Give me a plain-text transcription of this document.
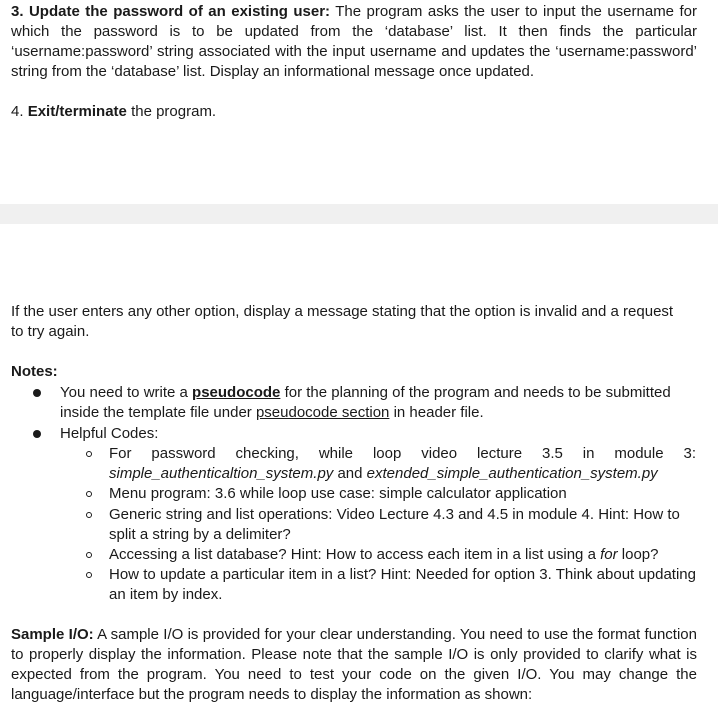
3. Update the password of an existing user: The program asks the user to input the username for which the password is to be updated from the ‘database’ list. It then finds the particular ‘username:password’ string associated with the input username and updates the ‘username:password’ string from the ‘database’ list. Display an informational message once updated.
4. Exit/terminate the program.
If the user enters any other option, display a message stating that the option is invalid and a request to try again.
Notes:
You need to write a pseudocode for the planning of the program and needs to be submitted inside the template file under pseudocode section in header file.
Helpful Codes:
For password checking, while loop video lecture 3.5 in module 3:
simple_authenticaltion_system.py and extended_simple_authentication_system.py
Menu program: 3.6 while loop use case: simple calculator application
Generic string and list operations: Video Lecture 4.3 and 4.5 in module 4. Hint: How to split a string by a delimiter?
Accessing a list database? Hint: How to access each item in a list using a for loop?
How to update a particular item in a list? Hint: Needed for option 3. Think about updating an item by index.
Sample I/O: A sample I/O is provided for your clear understanding. You need to use the format function to properly display the information. Please note that the sample I/O is only provided to clarify what is expected from the program. You need to test your code on the given I/O. You may change the language/interface but the program needs to display the information as shown:
